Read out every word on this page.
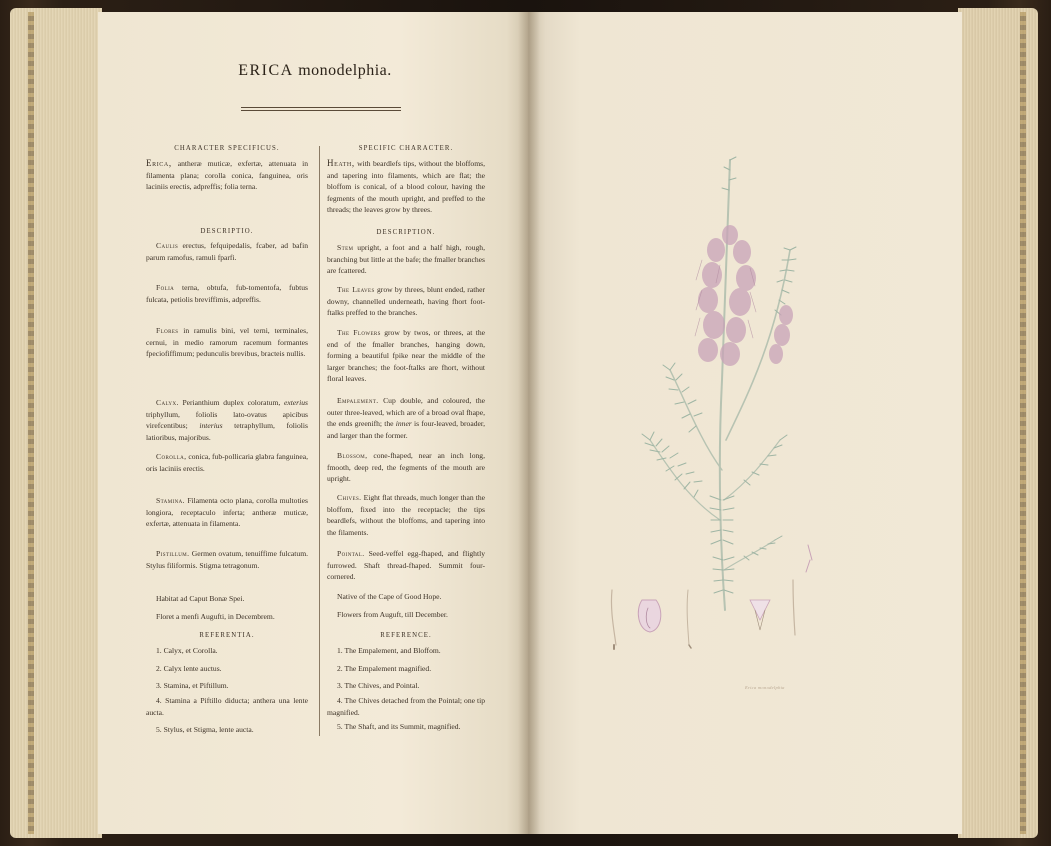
ERICA monodelphia.
CHARACTER SPECIFICUS.
Erica, antheræ muticæ, exfertæ, attenuata in filamenta plana; corolla conica, fanguinea, oris laciniis erectis, adpreffis; folia terna.
DESCRIPTIO.
Caulis erectus, fefquipedalis, fcaber, ad bafin parum ramofus, ramuli fparfi.
Folia terna, obtufa, fub-tomentofa, fubtus fulcata, petiolis breviffimis, adpreffis.
Flores in ramulis bini, vel terni, terminales, cernui, in medio ramorum racemum formantes fpeciofiffimum; pedunculis brevibus, bracteis nullis.
Calyx. Perianthium duplex coloratum, exterius triphyllum, foliolis lato-ovatus apicibus virefcentibus; interius tetraphyllum, foliolis latioribus, majoribus.
Corolla, conica, fub-pollicaria glabra fanguinea, oris laciniis erectis.
Stamina. Filamenta octo plana, corolla multoties longiora, receptaculo inferta; antheræ muticæ, exfertæ, attenuata in filamenta.
Pistillum. Germen ovatum, tenuiffime fulcatum. Stylus filiformis. Stigma tetragonum.
Habitat ad Caput Bonæ Spei.
Floret a menfi Augufti, in Decembrem.
REFERENTIA.
1. Calyx, et Corolla.
2. Calyx lente auctus.
3. Stamina, et Piftillum.
4. Stamina a Piftillo diducta; anthera una lente aucta.
5. Stylus, et Stigma, lente aucta.
SPECIFIC CHARACTER.
Heath, with beardlefs tips, without the bloffoms, and tapering into filaments, which are flat; the bloffom is conical, of a blood colour, having the fegments of the mouth upright, and preffed to the threads; the leaves grow by threes.
DESCRIPTION.
Stem upright, a foot and a half high, rough, branching but little at the bafe; the fmaller branches are fcattered.
The Leaves grow by threes, blunt ended, rather downy, channelled underneath, having fhort foot-ftalks preffed to the branches.
The Flowers grow by twos, or threes, at the end of the fmaller branches, hanging down, forming a beautiful fpike near the middle of the larger branches; the foot-ftalks are fhort, without floral leaves.
Empalement. Cup double, and coloured, the outer three-leaved, which are of a broad oval fhape, the ends greenifh; the inner is four-leaved, broader, and larger than the former.
Blossom, cone-fhaped, near an inch long, fmooth, deep red, the fegments of the mouth are upright.
Chives. Eight flat threads, much longer than the bloffom, fixed into the receptacle; the tips beardlefs, without the bloffoms, and tapering into the filaments.
Pointal. Seed-veffel egg-fhaped, and flightly furrowed. Shaft thread-fhaped. Summit four-cornered.
Native of the Cape of Good Hope.
Flowers from Auguft, till December.
REFERENCE.
1. The Empalement, and Bloffom.
2. The Empalement magnified.
3. The Chives, and Pointal.
4. The Chives detached from the Pointal; one tip magnified.
5. The Shaft, and its Summit, magnified.
Erica monodelphia
